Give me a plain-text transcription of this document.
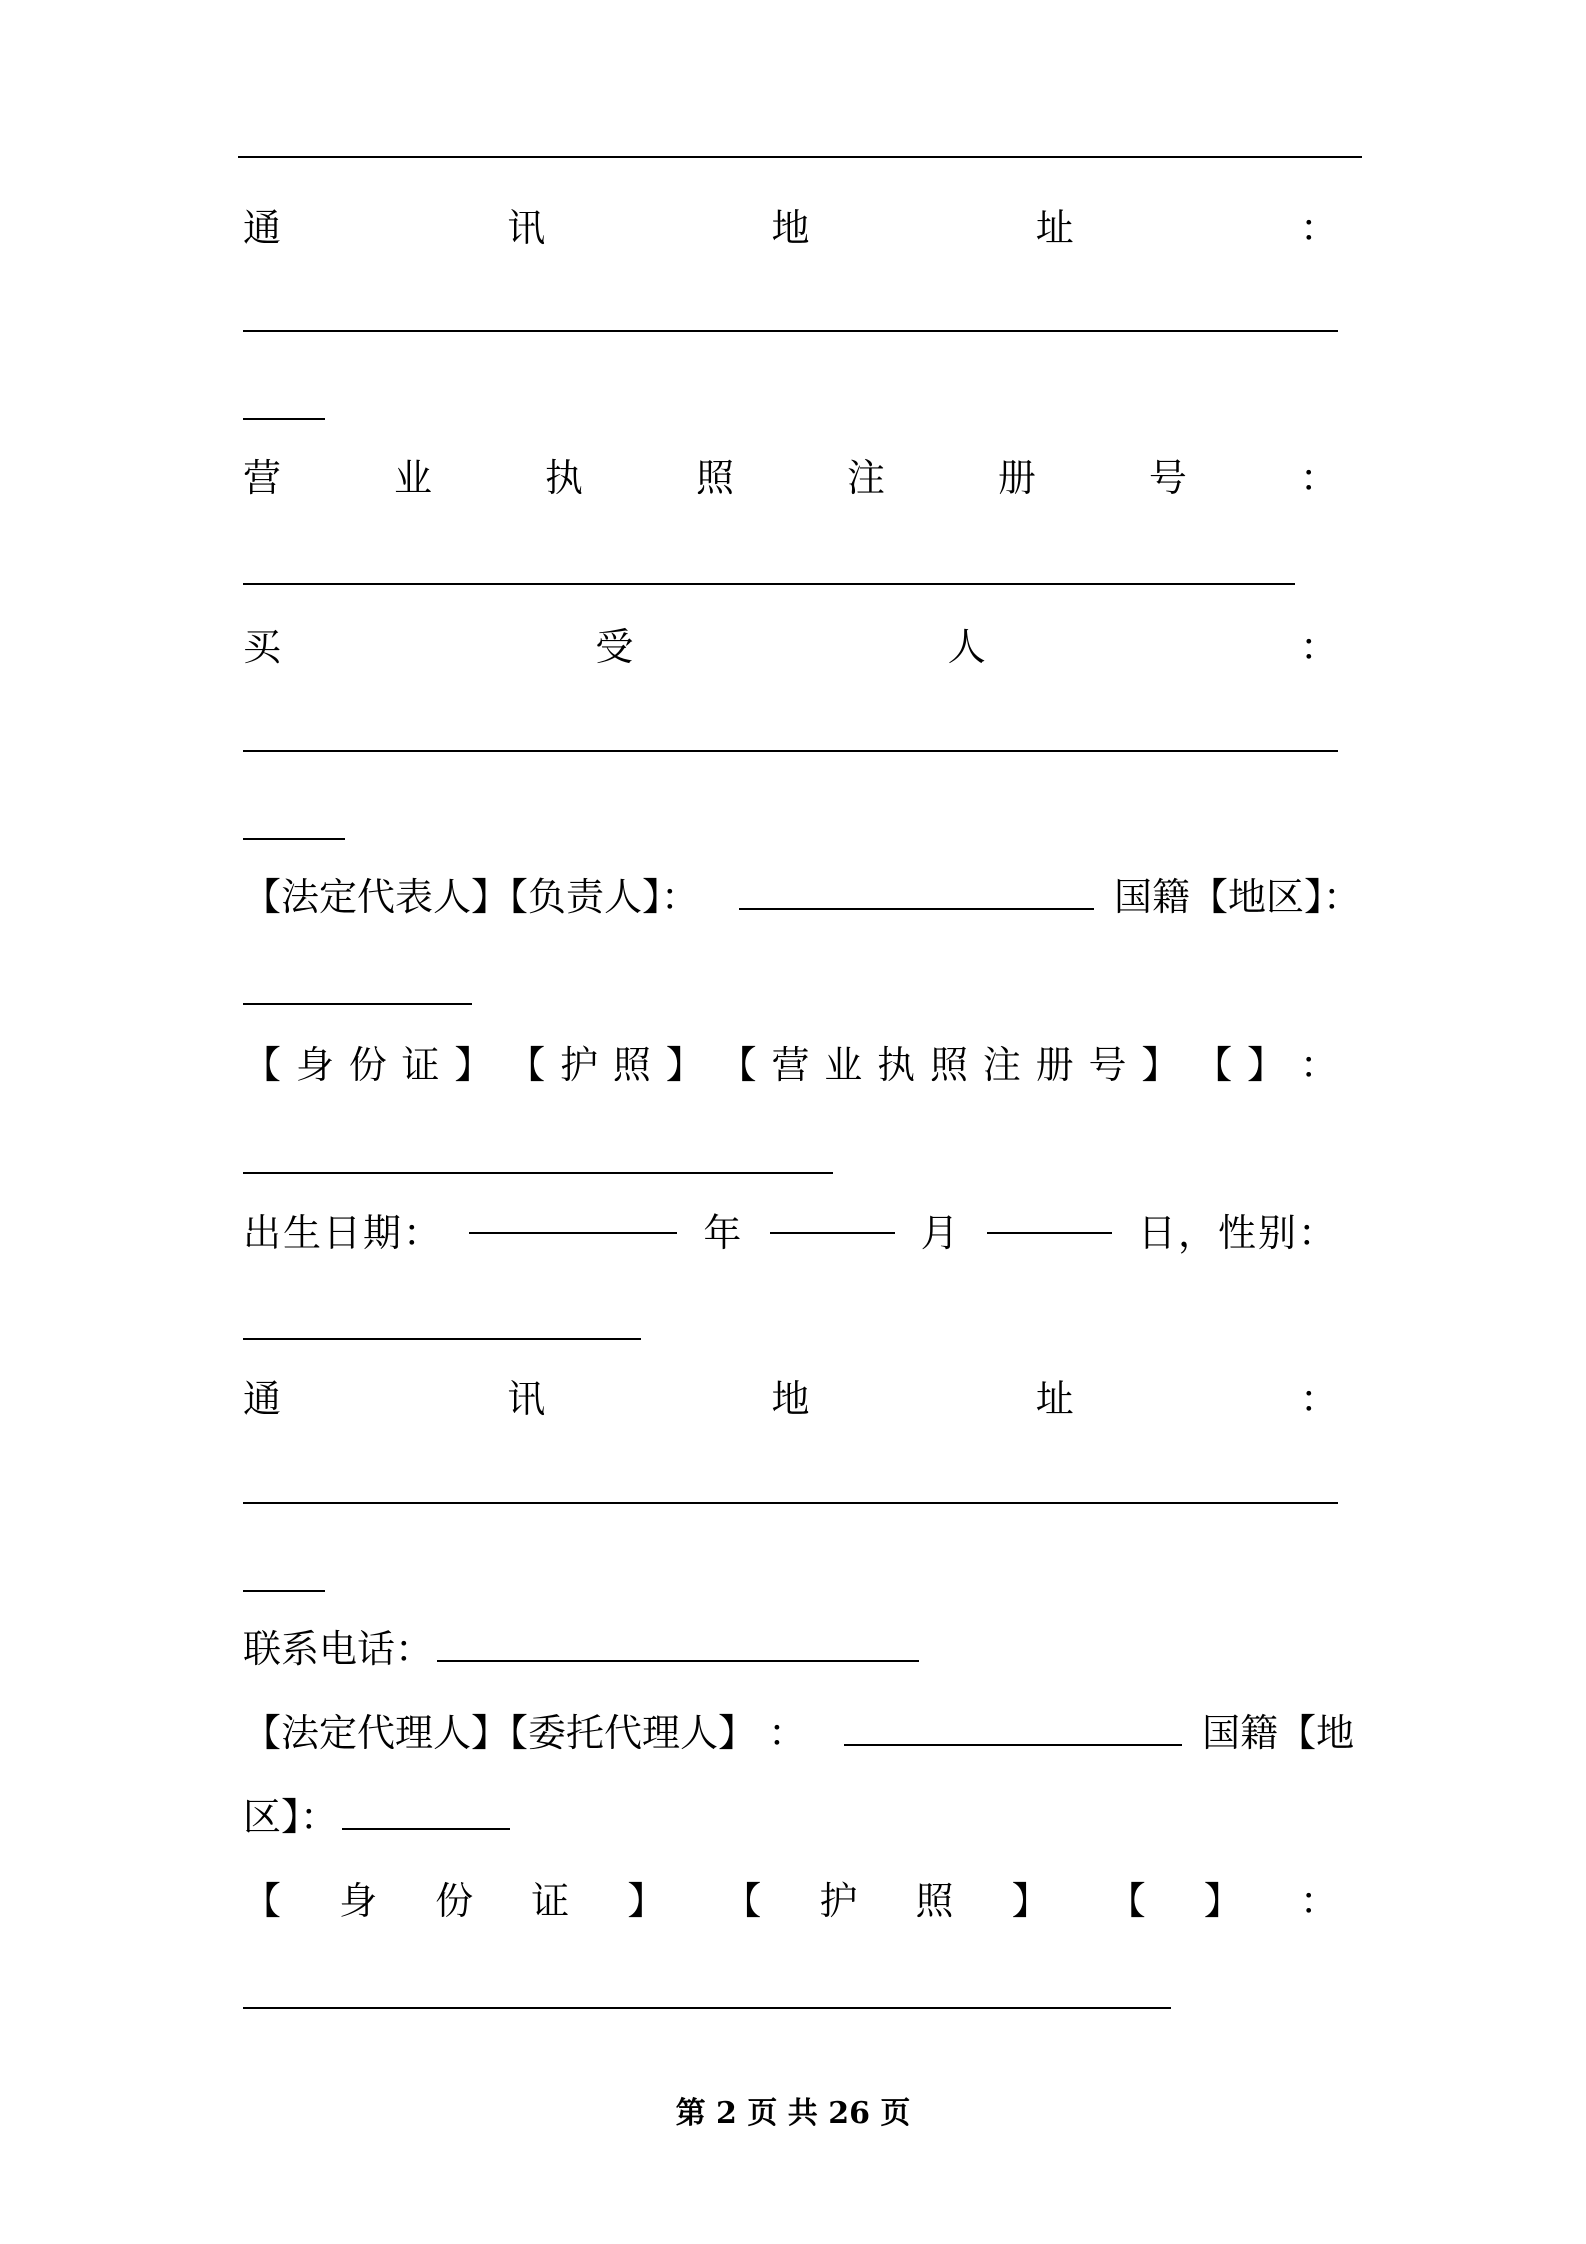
通	讯	地	址	：
营	业	执	照	注	册	号	：
买	受	人	：
【法定代表人】【负责人】：	国籍【地区】：
【 身 份 证 】 【 护 照 】 【 营 业 执 照 注 册 号 】 【 】 ：
出生日期：	年	月	日，性别：
通	讯	地	址	：
联系电话：
【法定代理人】【委托代理人】 ：	国籍【地
区】：
【 身 份 证 】 【 护 照 】 【 】 ：
第 2 页 共 26 页
